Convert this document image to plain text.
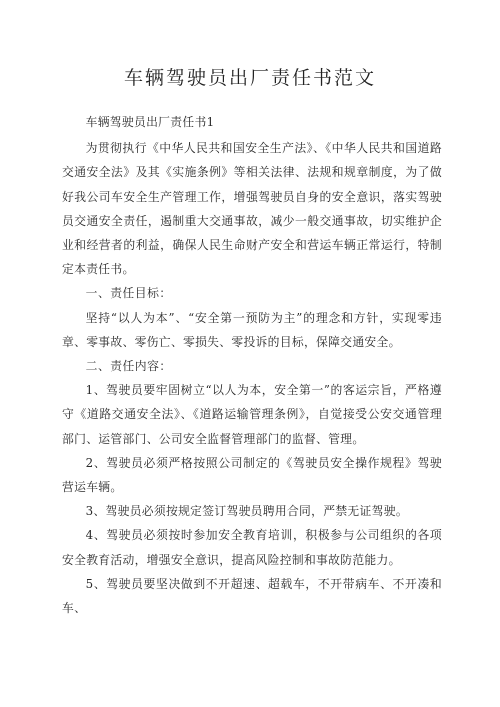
车辆驾驶员出厂责任书范文

车辆驾驶员出厂责任书1

为贯彻执行《中华人民共和国安全生产法》、《中华人民共和国道路交通安全法》及其《实施条例》等相关法律、法规和规章制度，为了做好我公司车安全生产管理工作，增强驾驶员自身的安全意识，落实驾驶员交通安全责任，遏制重大交通事故，减少一般交通事故，切实维护企业和经营者的利益，确保人民生命财产安全和营运车辆正常运行，特制定本责任书。

一、责任目标：

坚持“以人为本”、“安全第一预防为主”的理念和方针，实现零违章、零事故、零伤亡、零损失、零投诉的目标，保障交通安全。

二、责任内容：

1、驾驶员要牢固树立“以人为本，安全第一”的客运宗旨，严格遵守《道路交通安全法》、《道路运输管理条例》，自觉接受公安交通管理部门、运管部门、公司安全监督管理部门的监督、管理。

2、驾驶员必须严格按照公司制定的《驾驶员安全操作规程》驾驶营运车辆。

3、驾驶员必须按规定签订驾驶员聘用合同，严禁无证驾驶。

4、驾驶员必须按时参加安全教育培训，积极参与公司组织的各项安全教育活动，增强安全意识，提高风险控制和事故防范能力。

5、驾驶员要坚决做到不开超速、超载车，不开带病车、不开凑和车、
